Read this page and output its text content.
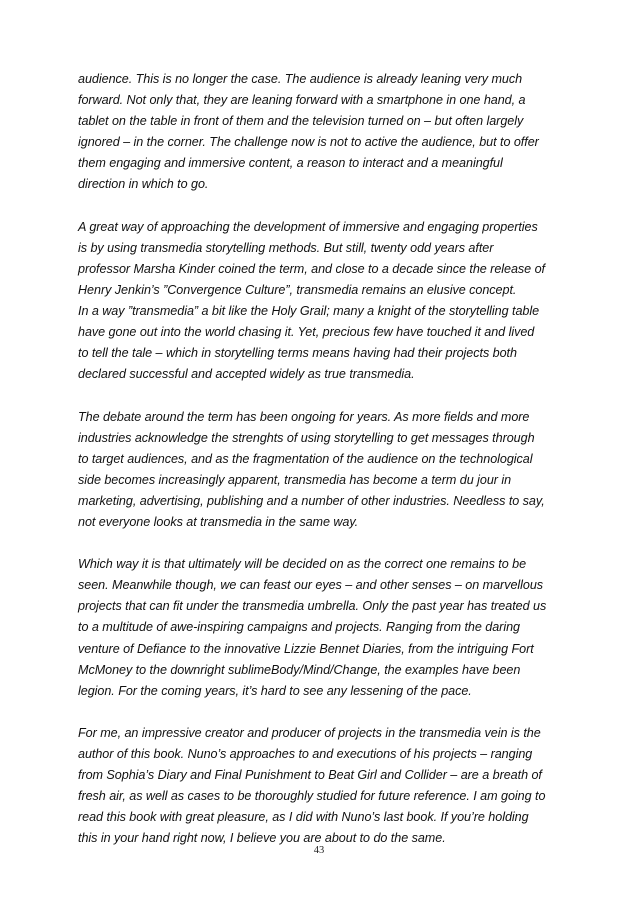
audience. This is no longer the case. The audience is already leaning very much
forward. Not only that, they are leaning forward with a smartphone in one hand, a
tablet on the table in front of them and the television turned on – but often largely
ignored – in the corner. The challenge now is not to active the audience, but to offer
them engaging and immersive content, a reason to interact and a meaningful
direction in which to go.

A great way of approaching the development of immersive and engaging properties
is by using transmedia storytelling methods. But still, twenty odd years after
professor Marsha Kinder coined the term, and close to a decade since the release of
Henry Jenkin’s ”Convergence Culture”, transmedia remains an elusive concept.
In a way ”transmedia” a bit like the Holy Grail; many a knight of the storytelling table
have gone out into the world chasing it. Yet, precious few have touched it and lived
to tell the tale – which in storytelling terms means having had their projects both
declared successful and accepted widely as true transmedia.

The debate around the term has been ongoing for years. As more fields and more
industries acknowledge the strenghts of using storytelling to get messages through
to target audiences, and as the fragmentation of the audience on the technological
side becomes increasingly apparent, transmedia has become a term du jour in
marketing, advertising, publishing and a number of other industries. Needless to say,
not everyone looks at transmedia in the same way.

Which way it is that ultimately will be decided on as the correct one remains to be
seen. Meanwhile though, we can feast our eyes – and other senses – on marvellous
projects that can fit under the transmedia umbrella. Only the past year has treated us
to a multitude of awe-inspiring campaigns and projects. Ranging from the daring
venture of Defiance to the innovative Lizzie Bennet Diaries, from the intriguing Fort
McMoney to the downright sublimeBody/Mind/Change, the examples have been
legion. For the coming years, it’s hard to see any lessening of the pace.

For me, an impressive creator and producer of projects in the transmedia vein is the
author of this book. Nuno’s approaches to and executions of his projects – ranging
from Sophia’s Diary and Final Punishment to Beat Girl and Collider – are a breath of
fresh air, as well as cases to be thoroughly studied for future reference. I am going to
read this book with great pleasure, as I did with Nuno’s last book. If you’re holding
this in your hand right now, I believe you are about to do the same.

43
